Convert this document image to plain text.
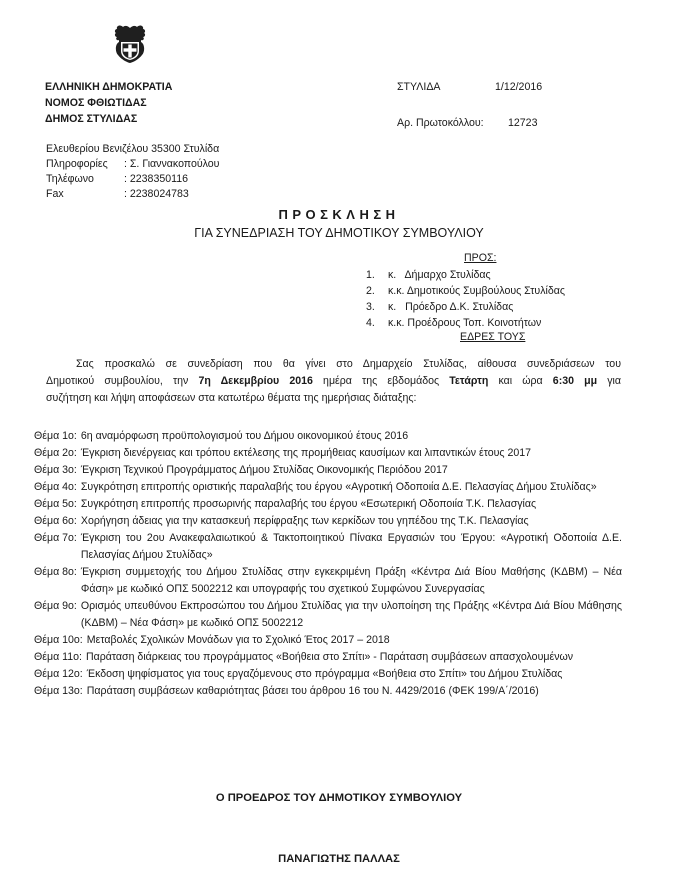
ΕΛΛΗΝΙΚΗ ΔΗΜΟΚΡΑΤΙΑ
ΝΟΜΟΣ ΦΘΙΩΤΙΔΑΣ
ΔΗΜΟΣ ΣΤΥΛΙΔΑΣ
ΣΤΥΛΙΔΑ	1/12/2016
Αρ. Πρωτοκόλλου: 12723
Ελευθερίου Βενιζέλου 35300 Στυλίδα
Πληροφορίες : Σ. Γιαννακοπούλου
Τηλέφωνο	: 2238350116
Fax	: 2238024783
ΠΡΟΣΚΛΗΣΗ
ΓΙΑ ΣΥΝΕΔΡΙΑΣΗ ΤΟΥ ΔΗΜΟΤΙΚΟΥ ΣΥΜΒΟΥΛΙΟΥ
ΠΡΟΣ:
1. κ.   Δήμαρχο Στυλίδας
2. κ.κ. Δημοτικούς Συμβούλους Στυλίδας
3. κ.   Πρόεδρο Δ.Κ. Στυλίδας
4. κ.κ. Προέδρους Τοπ. Κοινοτήτων
ΕΔΡΕΣ ΤΟΥΣ
Σας προσκαλώ σε συνεδρίαση που θα γίνει στο Δημαρχείο Στυλίδας, αίθουσα συνεδριάσεων του
Δημοτικού συμβουλίου, την 7η Δεκεμβρίου 2016 ημέρα της εβδομάδος Τετάρτη και ώρα 6:30 μμ για
συζήτηση και λήψη αποφάσεων στα κατωτέρω θέματα της ημερήσιας διάταξης:
Θέμα 1ο: 6η αναμόρφωση προϋπολογισμού του Δήμου οικονομικού έτους 2016
Θέμα 2ο: Έγκριση διενέργειας και τρόπου εκτέλεσης της προμήθειας καυσίμων και λιπαντικών έτους 2017
Θέμα 3ο: Έγκριση Τεχνικού Προγράμματος Δήμου Στυλίδας Οικονομικής Περιόδου 2017
Θέμα 4ο: Συγκρότηση επιτροπής οριστικής παραλαβής του έργου «Αγροτική Οδοποιία Δ.Ε. Πελασγίας Δήμου Στυλίδας»
Θέμα 5ο: Συγκρότηση επιτροπής προσωρινής παραλαβής του έργου «Εσωτερική Οδοποιία Τ.Κ. Πελασγίας
Θέμα 6ο: Χορήγηση άδειας για την κατασκευή περίφραξης των κερκίδων του γηπέδου της Τ.Κ. Πελασγίας
Θέμα 7ο: Έγκριση του 2ου Ανακεφαλαιωτικού & Τακτοποιητικού Πίνακα Εργασιών του Έργου: «Αγροτική Οδοποιία Δ.Ε. Πελασγίας Δήμου Στυλίδας»
Θέμα 8ο: Έγκριση συμμετοχής του Δήμου Στυλίδας στην εγκεκριμένη Πράξη «Κέντρα Διά Βίου Μαθήσης (ΚΔΒΜ) – Νέα Φάση» με κωδικό ΟΠΣ 5002212 και υπογραφής του σχετικού Συμφώνου Συνεργασίας
Θέμα 9ο: Ορισμός υπευθύνου Εκπροσώπου του Δήμου Στυλίδας για την υλοποίηση της Πράξης «Κέντρα Διά Βίου Μάθησης (ΚΔΒΜ) – Νέα Φάση» με κωδικό ΟΠΣ 5002212
Θέμα 10ο: Μεταβολές Σχολικών Μονάδων για το Σχολικό Έτος 2017 – 2018
Θέμα 11ο: Παράταση διάρκειας του προγράμματος «Βοήθεια στο Σπίτι» - Παράταση συμβάσεων απασχολουμένων
Θέμα 12ο: Έκδοση ψηφίσματος για τους εργαζόμενους στο πρόγραμμα «Βοήθεια στο Σπίτι» του Δήμου Στυλίδας
Θέμα 13ο: Παράταση συμβάσεων καθαριότητας βάσει του άρθρου 16 του Ν. 4429/2016 (ΦΕΚ 199/Α΄/2016)
Ο ΠΡΟΕΔΡΟΣ ΤΟΥ ΔΗΜΟΤΙΚΟΥ ΣΥΜΒΟΥΛΙΟΥ
ΠΑΝΑΓΙΩΤΗΣ ΠΑΛΛΑΣ
